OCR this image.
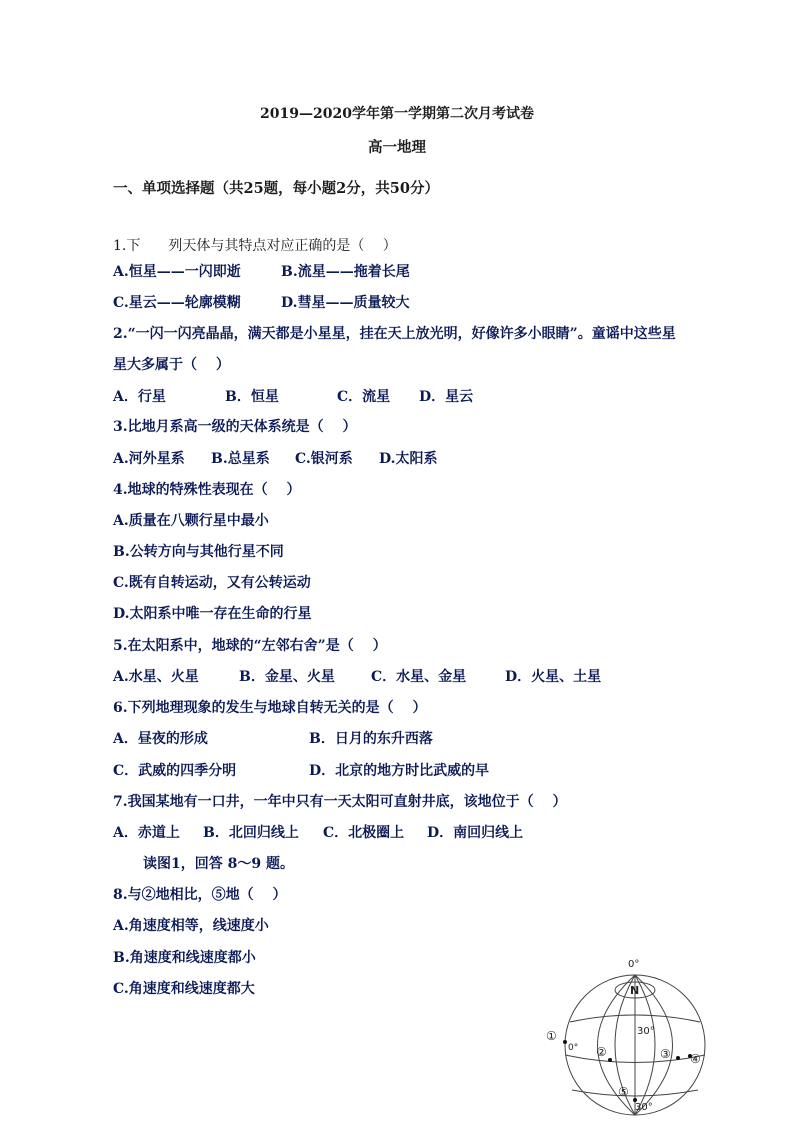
2019—2020学年第一学期第二次月考试卷
高一地理
一、单项选择题（共25题，每小题2分，共50分）
1.下　　列天体与其特点对应正确的是（　 ）
A.恒星——一闪即逝	B.流星——拖着长尾
C.星云——轮廓模糊	D.彗星——质量较大
2.“一闪一闪亮晶晶，满天都是小星星，挂在天上放光明，好像许多小眼睛”。童谣中这些星
星大多属于（　 ）
A．行星	B．恒星	C．流星 D．星云
3.比地月系高一级的天体系统是（　 ）
A.河外星系 B.总星系 C.银河系 D.太阳系
4.地球的特殊性表现在（　 ）
A.质量在八颗行星中最小
B.公转方向与其他行星不同
C.既有自转运动，又有公转运动
D.太阳系中唯一存在生命的行星
5.在太阳系中，地球的“左邻右舍”是（　 ）
A.水星、火星	B．金星、火星	C．水星、金星	D．火星、土星
6.下列地理现象的发生与地球自转无关的是（　 ）
A．昼夜的形成	B．日月的东升西落
C．武威的四季分明	D．北京的地方时比武威的早
7.我国某地有一口井，一年中只有一天太阳可直射井底，该地位于（　 ）
A．赤道上 B．北回归线上 C．北极圈上 D．南回归线上
读图1，回答 8～9 题。
8.与②地相比，⑤地（　 ）
A.角速度相等，线速度小
B.角速度和线速度都小
C.角速度和线速度都大
0°
N
30°
0°
30°
①
②	③ ④
⑤
